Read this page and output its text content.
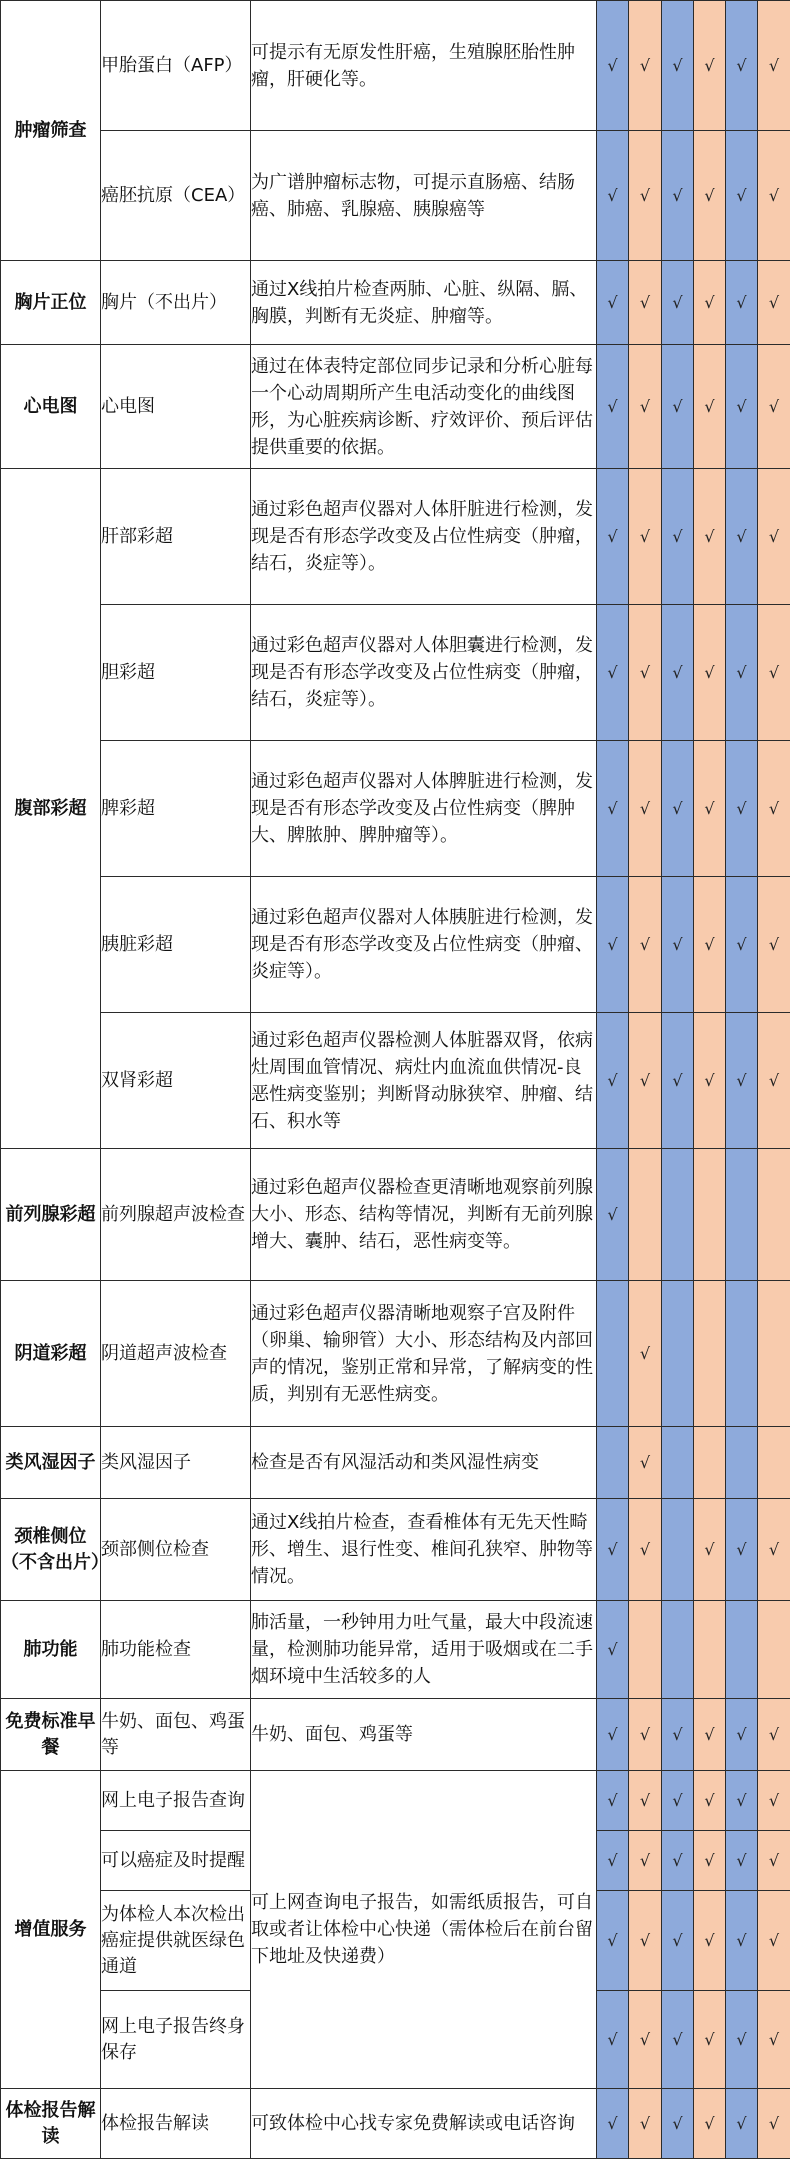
肿瘤筛查	甲胎蛋白（AFP）	可提示有无原发性肝癌，生殖腺胚胎性肿瘤，肝硬化等。	√	√	√	√	√	√
	癌胚抗原（CEA）	为广谱肿瘤标志物，可提示直肠癌、结肠癌、肺癌、乳腺癌、胰腺癌等	√	√	√	√	√	√
胸片正位	胸片（不出片）	通过X线拍片检查两肺、心脏、纵隔、膈、胸膜，判断有无炎症、肿瘤等。	√	√	√	√	√	√
心电图	心电图	通过在体表特定部位同步记录和分析心脏每一个心动周期所产生电活动变化的曲线图形，为心脏疾病诊断、疗效评价、预后评估提供重要的依据。	√	√	√	√	√	√
腹部彩超	肝部彩超	通过彩色超声仪器对人体肝脏进行检测，发现是否有形态学改变及占位性病变（肿瘤，结石，炎症等）。	√	√	√	√	√	√
	胆彩超	通过彩色超声仪器对人体胆囊进行检测，发现是否有形态学改变及占位性病变（肿瘤，结石，炎症等）。	√	√	√	√	√	√
	脾彩超	通过彩色超声仪器对人体脾脏进行检测，发现是否有形态学改变及占位性病变（脾肿大、脾脓肿、脾肿瘤等）。	√	√	√	√	√	√
	胰脏彩超	通过彩色超声仪器对人体胰脏进行检测，发现是否有形态学改变及占位性病变（肿瘤、炎症等）。	√	√	√	√	√	√
	双肾彩超	通过彩色超声仪器检测人体脏器双肾，依病灶周围血管情况、病灶内血流血供情况-良恶性病变鉴别；判断肾动脉狭窄、肿瘤、结石、积水等	√	√	√	√	√	√
前列腺彩超	前列腺超声波检查	通过彩色超声仪器检查更清晰地观察前列腺大小、形态、结构等情况，判断有无前列腺增大、囊肿、结石，恶性病变等。	√					
阴道彩超	阴道超声波检查	通过彩色超声仪器清晰地观察子宫及附件（卵巢、输卵管）大小、形态结构及内部回声的情况，鉴别正常和异常，了解病变的性质，判别有无恶性病变。		√				
类风湿因子	类风湿因子	检查是否有风湿活动和类风湿性病变		√				
颈椎侧位（不含出片）	颈部侧位检查	通过X线拍片检查，查看椎体有无先天性畸形、增生、退行性变、椎间孔狭窄、肿物等情况。	√	√		√	√	√
肺功能	肺功能检查	肺活量，一秒钟用力吐气量，最大中段流速量，检测肺功能异常，适用于吸烟或在二手烟环境中生活较多的人	√					
免费标准早餐	牛奶、面包、鸡蛋等	牛奶、面包、鸡蛋等	√	√	√	√	√	√
增值服务	网上电子报告查询	可上网查询电子报告，如需纸质报告，可自取或者让体检中心快递（需体检后在前台留下地址及快递费）	√	√	√	√	√	√
	可以癌症及时提醒		√	√	√	√	√	√
	为体检人本次检出癌症提供就医绿色通道		√	√	√	√	√	√
	网上电子报告终身保存		√	√	√	√	√	√
体检报告解读	体检报告解读	可致体检中心找专家免费解读或电话咨询	√	√	√	√	√	√
